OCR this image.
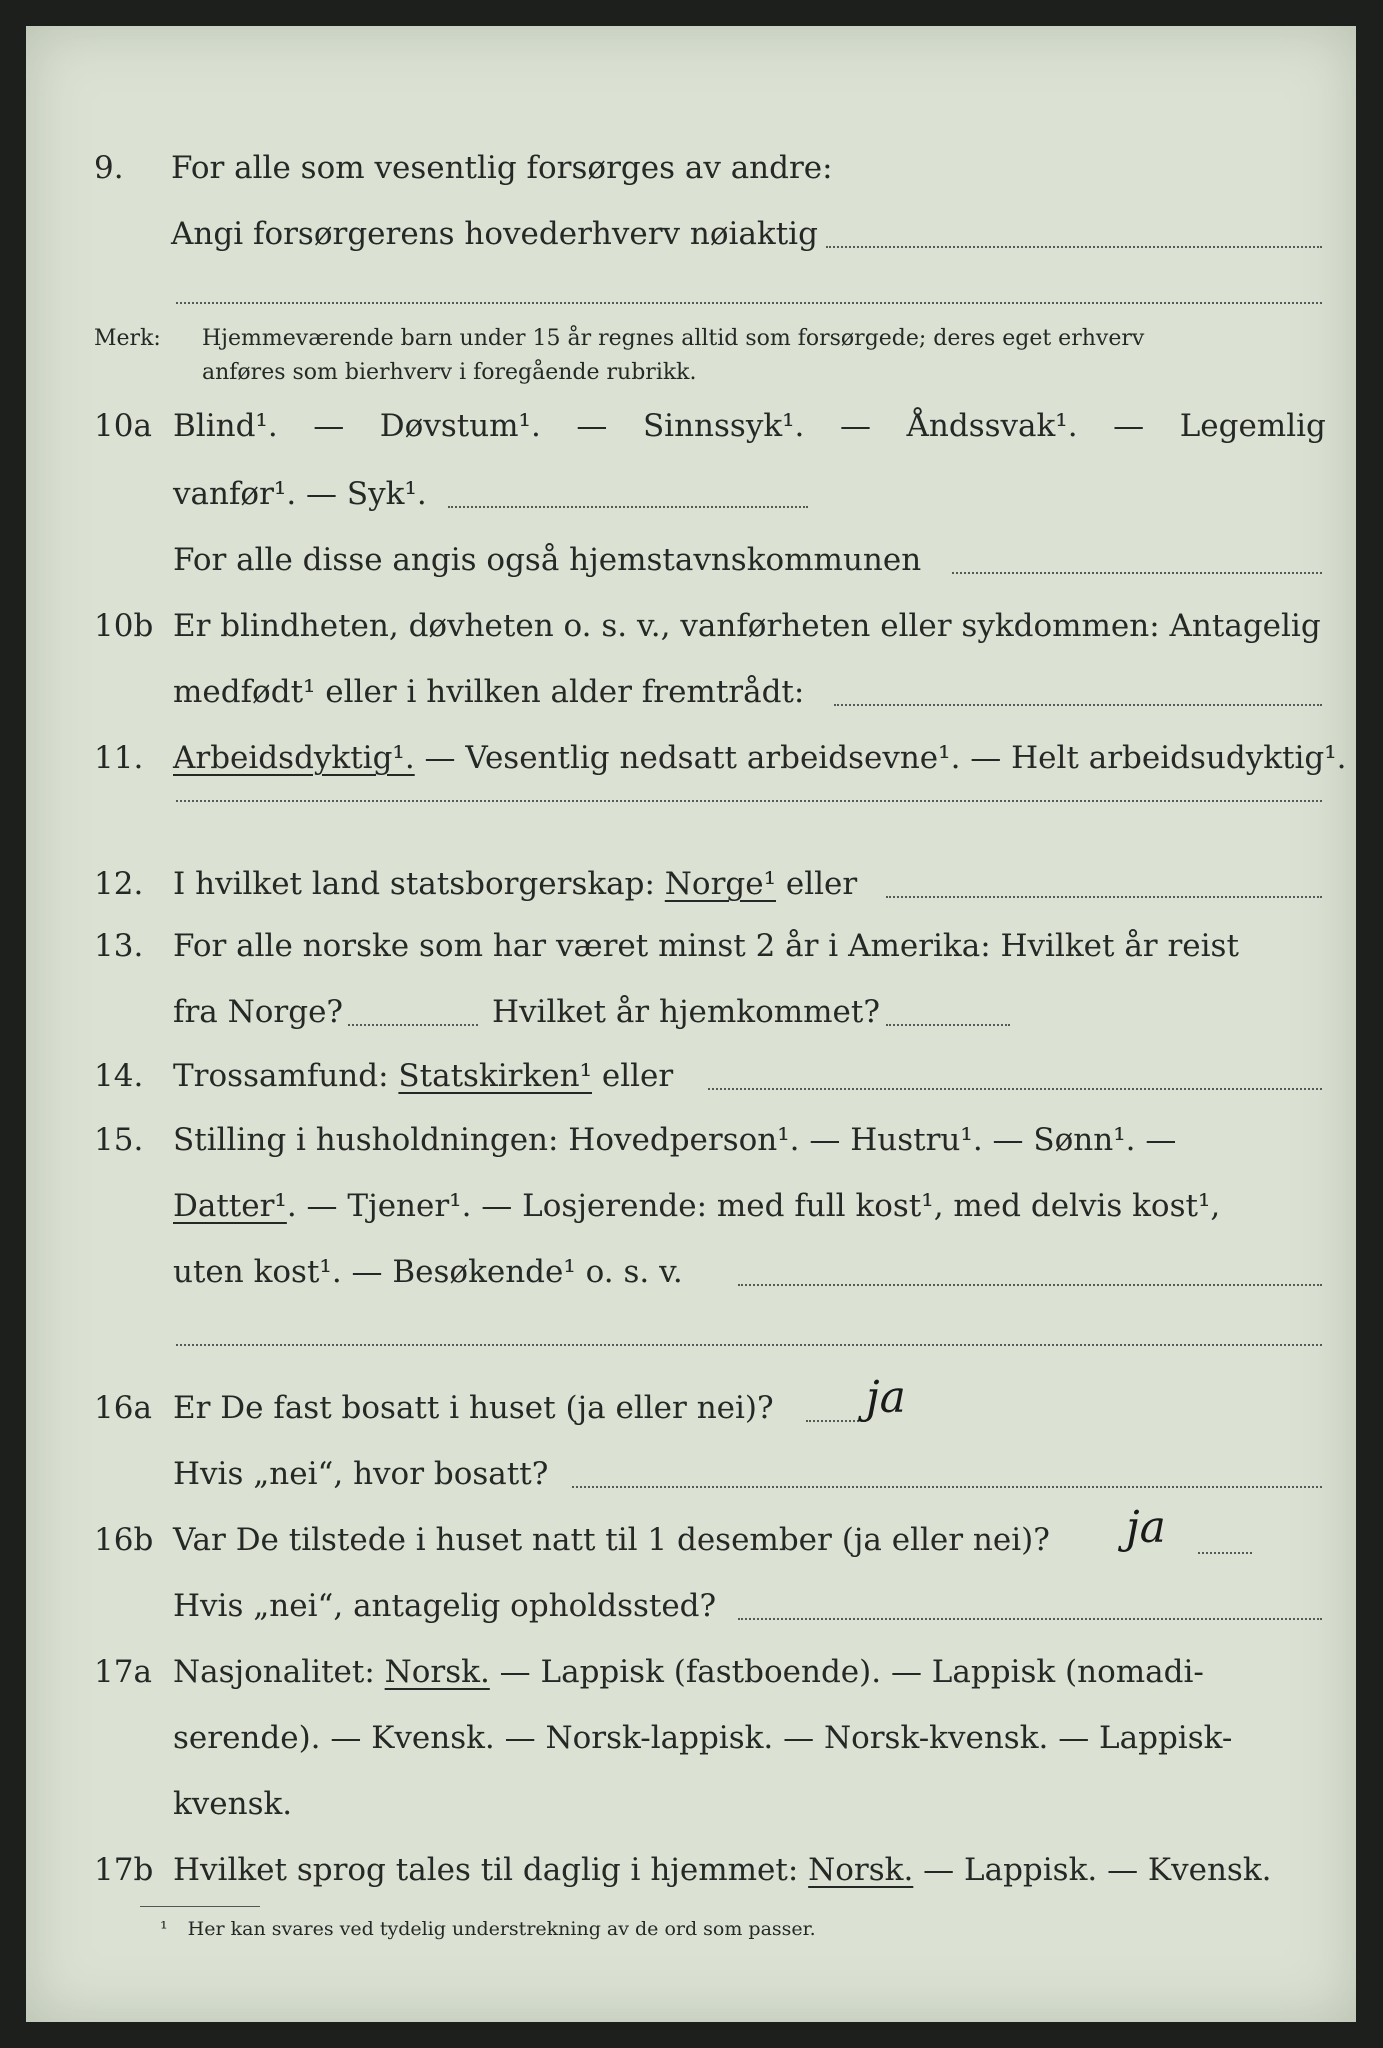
9. For alle som vesentlig forsørges av andre:
Angi forsørgerens hovederhverv nøiaktig
Merk: Hjemmeværende barn under 15 år regnes alltid som forsørgede; deres eget erhverv
anføres som bierhverv i foregående rubrikk.
10a Blind¹. — Døvstum¹. — Sinnssyk¹. — Åndssvak¹. — Legemlig
vanfør¹. — Syk¹.
For alle disse angis også hjemstavnskommunen
10b Er blindheten, døvheten o. s. v., vanførheten eller sykdommen: Antagelig
medfødt¹ eller i hvilken alder fremtrådt:
11. Arbeidsdyktig¹. — Vesentlig nedsatt arbeidsevne¹. — Helt arbeidsudyktig¹.
12. I hvilket land statsborgerskap: Norge¹ eller
13. For alle norske som har været minst 2 år i Amerika: Hvilket år reist
fra Norge?	Hvilket år hjemkommet?
14. Trossamfund: Statskirken¹ eller
15. Stilling i husholdningen: Hovedperson¹. — Hustru¹. — Sønn¹. —
Datter¹. — Tjener¹. — Losjerende: med full kost¹, med delvis kost¹,
uten kost¹. — Besøkende¹ o. s. v.
16a Er De fast bosatt i huset (ja eller nei)? ja
Hvis „nei“, hvor bosatt?
16b Var De tilstede i huset natt til 1 desember (ja eller nei)? ja
Hvis „nei“, antagelig opholdssted?
17a Nasjonalitet: Norsk. — Lappisk (fastboende). — Lappisk (nomadi-
serende). — Kvensk. — Norsk-lappisk. — Norsk-kvensk. — Lappisk-
kvensk.
17b Hvilket sprog tales til daglig i hjemmet: Norsk. — Lappisk. — Kvensk.
¹ Her kan svares ved tydelig understrekning av de ord som passer.
